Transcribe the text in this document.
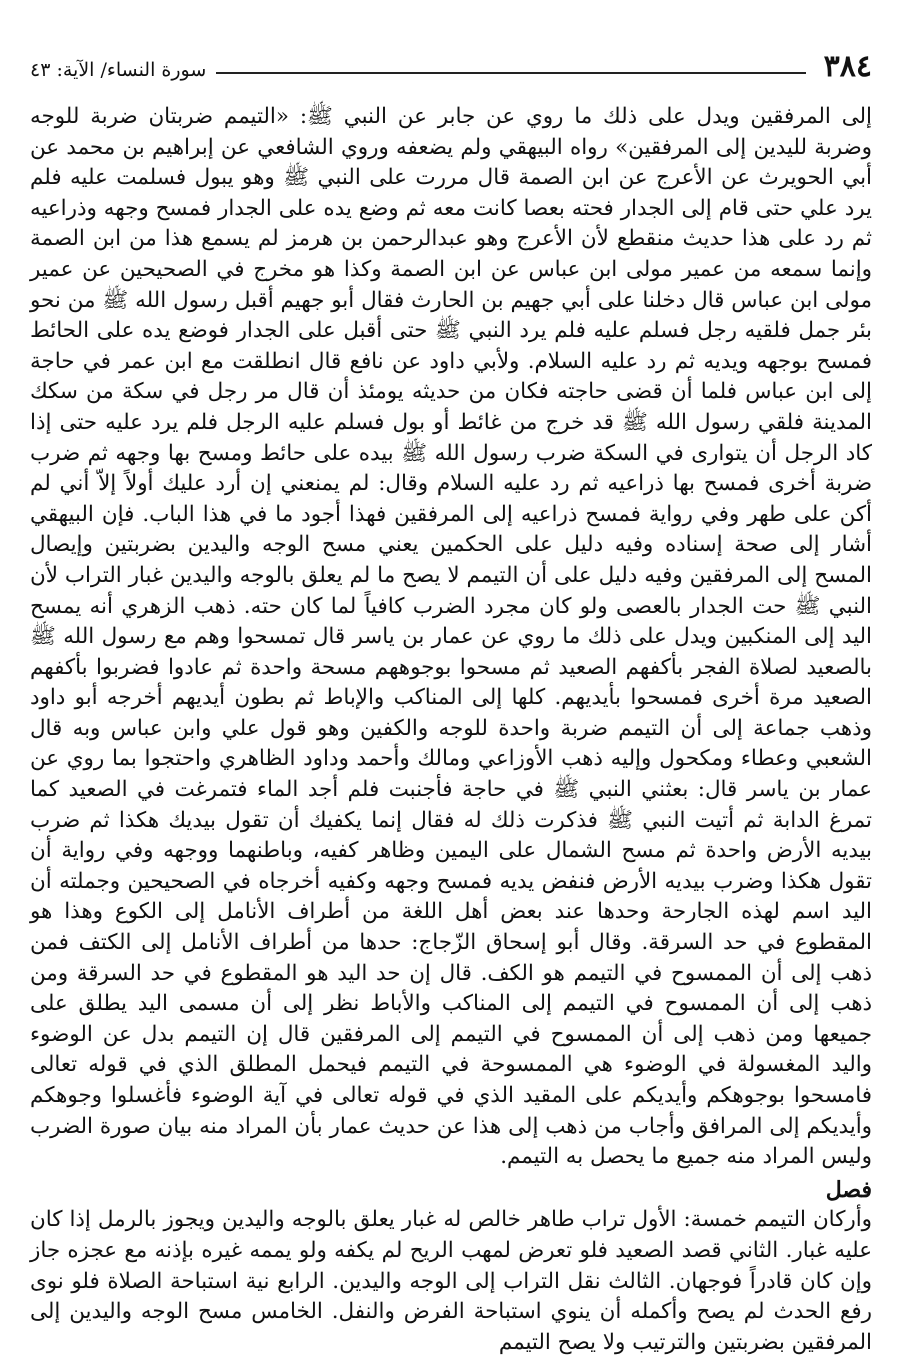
٣٨٤
سورة النساء/ الآية: ٤٣

إلى المرفقين ويدل على ذلك ما روي عن جابر عن النبي ﷺ: «التيمم ضربتان ضربة للوجه وضربة لليدين إلى المرفقين» رواه البيهقي ولم يضعفه وروي الشافعي عن إبراهيم بن محمد عن أبي الحويرث عن الأعرج عن ابن الصمة قال مررت على النبي ﷺ وهو يبول فسلمت عليه فلم يرد علي حتى قام إلى الجدار فحته بعصا كانت معه ثم وضع يده على الجدار فمسح وجهه وذراعيه ثم رد على هذا حديث منقطع لأن الأعرج وهو عبدالرحمن بن هرمز لم يسمع هذا من ابن الصمة وإنما سمعه من عمير مولى ابن عباس عن ابن الصمة وكذا هو مخرج في الصحيحين عن عمير مولى ابن عباس قال دخلنا على أبي جهيم بن الحارث فقال أبو جهيم أقبل رسول الله ﷺ من نحو بئر جمل فلقيه رجل فسلم عليه فلم يرد النبي ﷺ حتى أقبل على الجدار فوضع يده على الحائط فمسح بوجهه ويديه ثم رد عليه السلام. ولأبي داود عن نافع قال انطلقت مع ابن عمر في حاجة إلى ابن عباس فلما أن قضى حاجته فكان من حديثه يومئذ أن قال مر رجل في سكة من سكك المدينة فلقي رسول الله ﷺ قد خرج من غائط أو بول فسلم عليه الرجل فلم يرد عليه حتى إذا كاد الرجل أن يتوارى في السكة ضرب رسول الله ﷺ بيده على حائط ومسح بها وجهه ثم ضرب ضربة أخرى فمسح بها ذراعيه ثم رد عليه السلام وقال: لم يمنعني إن أرد عليك أولاً إلاّ أني لم أكن على طهر وفي رواية فمسح ذراعيه إلى المرفقين فهذا أجود ما في هذا الباب. فإن البيهقي أشار إلى صحة إسناده وفيه دليل على الحكمين يعني مسح الوجه واليدين بضربتين وإيصال المسح إلى المرفقين وفيه دليل على أن التيمم لا يصح ما لم يعلق بالوجه واليدين غبار التراب لأن النبي ﷺ حت الجدار بالعصى ولو كان مجرد الضرب كافياً لما كان حته. ذهب الزهري أنه يمسح اليد إلى المنكبين ويدل على ذلك ما روي عن عمار بن ياسر قال تمسحوا وهم مع رسول الله ﷺ بالصعيد لصلاة الفجر بأكفهم الصعيد ثم مسحوا بوجوههم مسحة واحدة ثم عادوا فضربوا بأكفهم الصعيد مرة أخرى فمسحوا بأيديهم. كلها إلى المناكب والإباط ثم بطون أيديهم أخرجه أبو داود وذهب جماعة إلى أن التيمم ضربة واحدة للوجه والكفين وهو قول علي وابن عباس وبه قال الشعبي وعطاء ومكحول وإليه ذهب الأوزاعي ومالك وأحمد وداود الظاهري واحتجوا بما روي عن عمار بن ياسر قال: بعثني النبي ﷺ في حاجة فأجنبت فلم أجد الماء فتمرغت في الصعيد كما تمرغ الدابة ثم أتيت النبي ﷺ فذكرت ذلك له فقال إنما يكفيك أن تقول بيديك هكذا ثم ضرب بيديه الأرض واحدة ثم مسح الشمال على اليمين وظاهر كفيه، وباطنهما ووجهه وفي رواية أن تقول هكذا وضرب بيديه الأرض فنفض يديه فمسح وجهه وكفيه أخرجاه في الصحيحين وجملته أن اليد اسم لهذه الجارحة وحدها عند بعض أهل اللغة من أطراف الأنامل إلى الكوع وهذا هو المقطوع في حد السرقة. وقال أبو إسحاق الزّجاج: حدها من أطراف الأنامل إلى الكتف فمن ذهب إلى أن الممسوح في التيمم هو الكف. قال إن حد اليد هو المقطوع في حد السرقة ومن ذهب إلى أن الممسوح في التيمم إلى المناكب والأباط نظر إلى أن مسمى اليد يطلق على جميعها ومن ذهب إلى أن الممسوح في التيمم إلى المرفقين قال إن التيمم بدل عن الوضوء واليد المغسولة في الوضوء هي الممسوحة في التيمم فيحمل المطلق الذي في قوله تعالى فامسحوا بوجوهكم وأيديكم على المقيد الذي في قوله تعالى في آية الوضوء فأغسلوا وجوهكم وأيديكم إلى المرافق وأجاب من ذهب إلى هذا عن حديث عمار بأن المراد منه بيان صورة الضرب وليس المراد منه جميع ما يحصل به التيمم.

فصل

وأركان التيمم خمسة: الأول تراب طاهر خالص له غبار يعلق بالوجه واليدين ويجوز بالرمل إذا كان عليه غبار. الثاني قصد الصعيد فلو تعرض لمهب الريح لم يكفه ولو يممه غيره بإذنه مع عجزه جاز وإن كان قادراً فوجهان. الثالث نقل التراب إلى الوجه واليدين. الرابع نية استباحة الصلاة فلو نوى رفع الحدث لم يصح وأكمله أن ينوي استباحة الفرض والنفل. الخامس مسح الوجه واليدين إلى المرفقين بضربتين والترتيب ولا يصح التيمم
